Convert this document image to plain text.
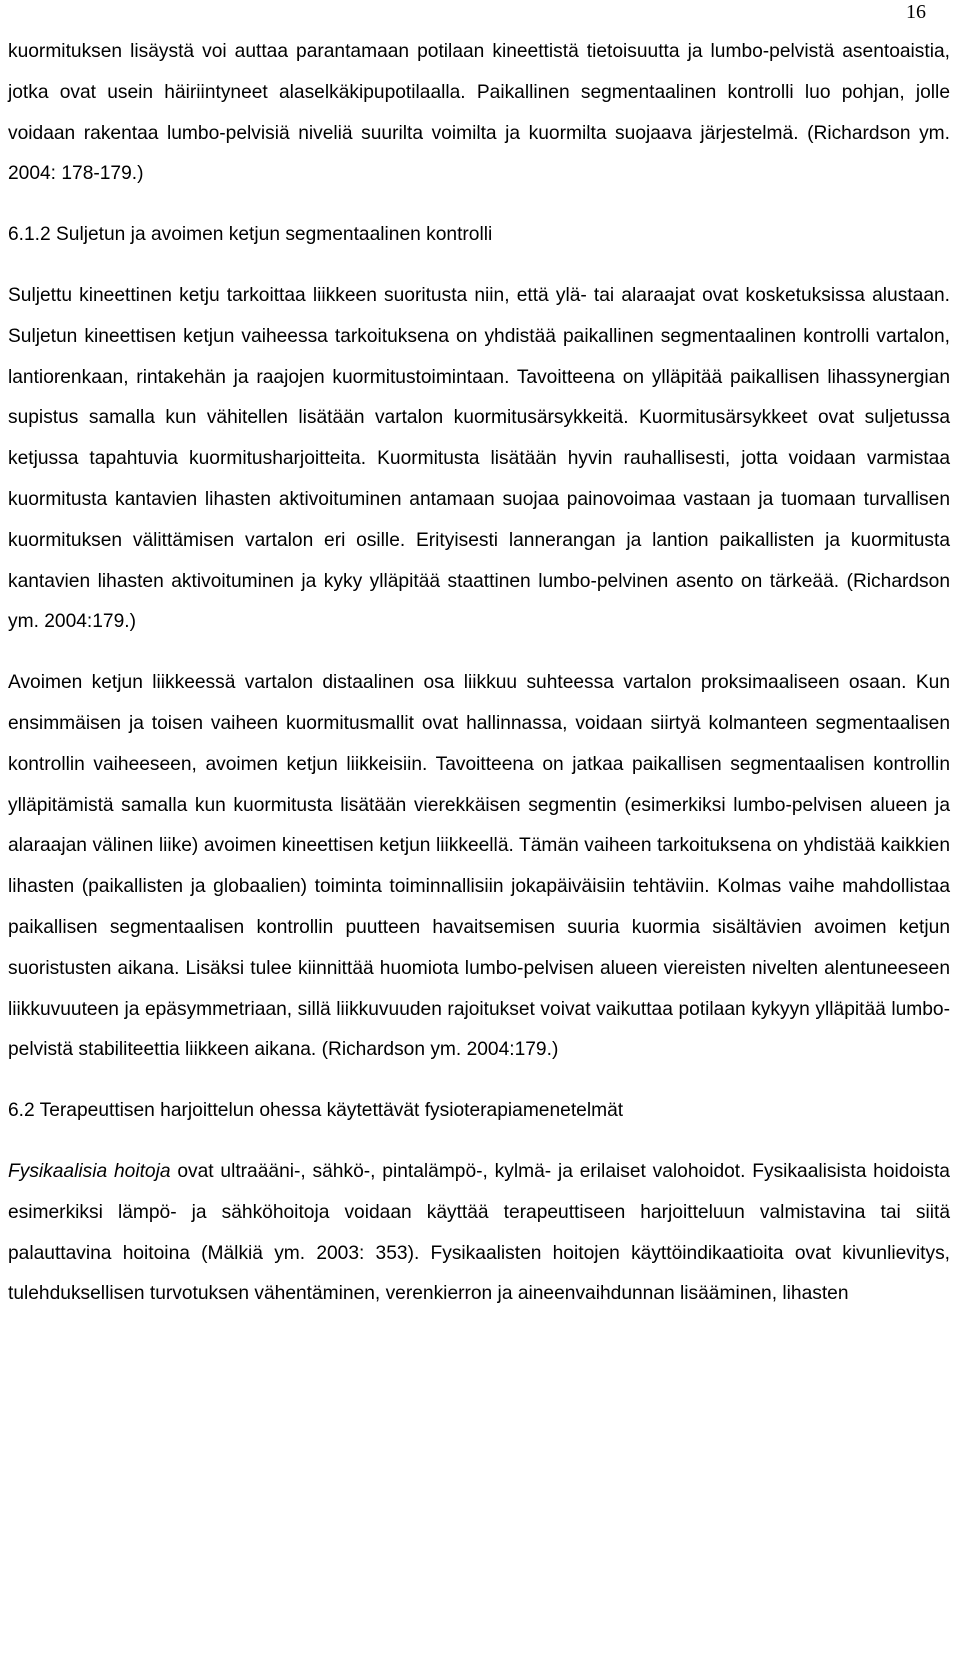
16

kuormituksen lisäystä voi auttaa parantamaan potilaan kineettistä tietoisuutta ja lumbo-pelvistä asentoaistia, jotka ovat usein häiriintyneet alaselkäkipupotilaalla. Paikallinen segmentaalinen kontrolli luo pohjan, jolle voidaan rakentaa lumbo-pelvisiä niveliä suurilta voimilta ja kuormilta suojaava järjestelmä. (Richardson ym. 2004: 178-179.)

6.1.2 Suljetun ja avoimen ketjun segmentaalinen kontrolli

Suljettu kineettinen ketju tarkoittaa liikkeen suoritusta niin, että ylä- tai alaraajat ovat kosketuksissa alustaan. Suljetun kineettisen ketjun vaiheessa tarkoituksena on yhdistää paikallinen segmentaalinen kontrolli vartalon, lantiorenkaan, rintakehän ja raajojen kuormitustoimintaan. Tavoitteena on ylläpitää paikallisen lihassynergian supistus samalla kun vähitellen lisätään vartalon kuormitusärsykkeitä. Kuormitusärsykkeet ovat suljetussa ketjussa tapahtuvia kuormitusharjoitteita. Kuormitusta lisätään hyvin rauhallisesti, jotta voidaan varmistaa kuormitusta kantavien lihasten aktivoituminen antamaan suojaa painovoimaa vastaan ja tuomaan turvallisen kuormituksen välittämisen vartalon eri osille. Erityisesti lannerangan ja lantion paikallisten ja kuormitusta kantavien lihasten aktivoituminen ja kyky ylläpitää staattinen lumbo-pelvinen asento on tärkeää. (Richardson ym. 2004:179.)

Avoimen ketjun liikkeessä vartalon distaalinen osa liikkuu suhteessa vartalon proksimaaliseen osaan. Kun ensimmäisen ja toisen vaiheen kuormitusmallit ovat hallinnassa, voidaan siirtyä kolmanteen segmentaalisen kontrollin vaiheeseen, avoimen ketjun liikkeisiin. Tavoitteena on jatkaa paikallisen segmentaalisen kontrollin ylläpitämistä samalla kun kuormitusta lisätään vierekkäisen segmentin (esimerkiksi lumbo-pelvisen alueen ja alaraajan välinen liike) avoimen kineettisen ketjun liikkeellä. Tämän vaiheen tarkoituksena on yhdistää kaikkien lihasten (paikallisten ja globaalien) toiminta toiminnallisiin jokapäiväisiin tehtäviin. Kolmas vaihe mahdollistaa paikallisen segmentaalisen kontrollin puutteen havaitsemisen suuria kuormia sisältävien avoimen ketjun suoristusten aikana. Lisäksi tulee kiinnittää huomiota lumbo-pelvisen alueen viereisten nivelten alentuneeseen liikkuvuuteen ja epäsymmetriaan, sillä liikkuvuuden rajoitukset voivat vaikuttaa potilaan kykyyn ylläpitää lumbo-pelvistä stabiliteettia liikkeen aikana. (Richardson ym. 2004:179.)

6.2 Terapeuttisen harjoittelun ohessa käytettävät fysioterapiamenetelmät

Fysikaalisia hoitoja ovat ultraääni-, sähkö-, pintalämpö-, kylmä- ja erilaiset valohoidot. Fysikaalisista hoidoista esimerkiksi lämpö- ja sähköhoitoja voidaan käyttää terapeuttiseen harjoitteluun valmistavina tai siitä palauttavina hoitoina (Mälkiä ym. 2003: 353). Fysikaalisten hoitojen käyttöindikaatioita ovat kivunlievitys, tulehduksellisen turvotuksen vähentäminen, verenkierron ja aineenvaihdunnan lisääminen, lihasten
